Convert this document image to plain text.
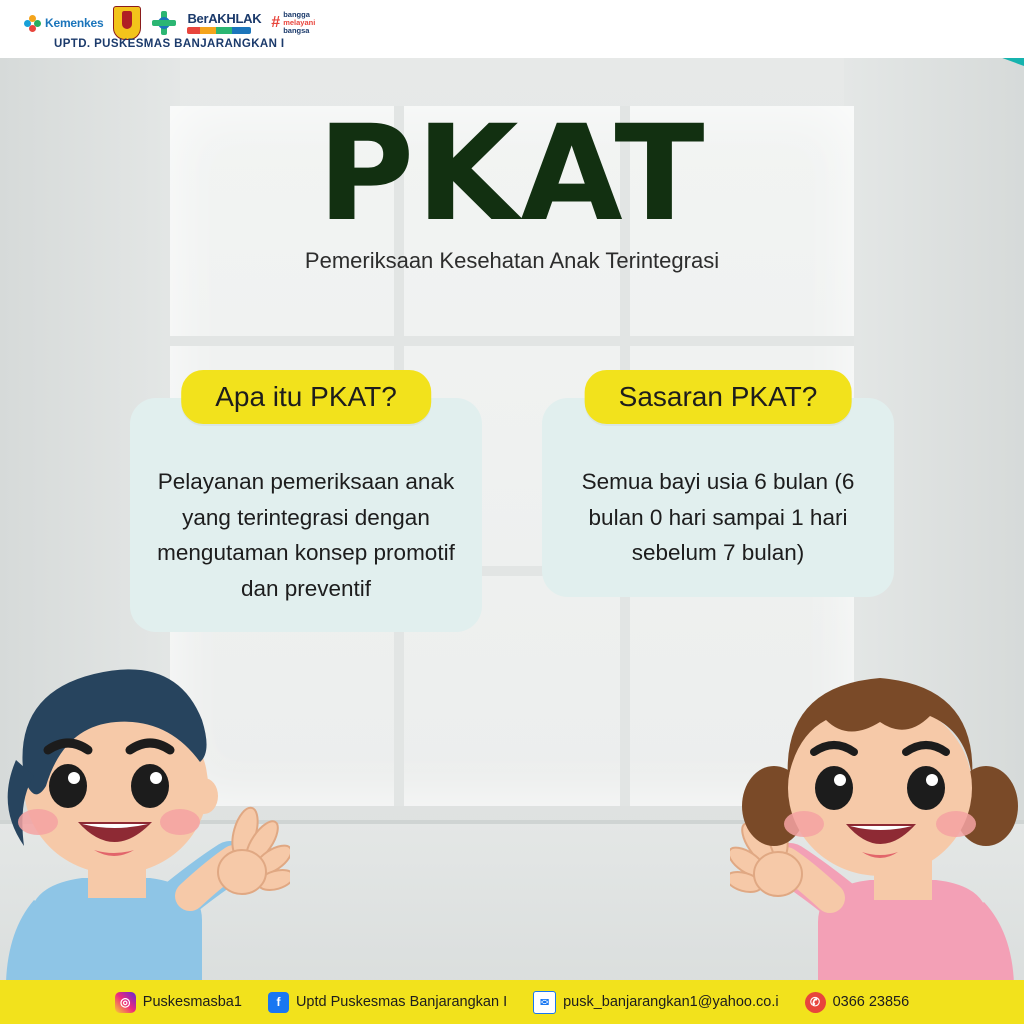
Kemenkes	BerAKHLAK # bangga
melayani
bangsa
UPTD. PUSKESMAS BANJARANGKAN I
PKAT
Pemeriksaan Kesehatan Anak Terintegrasi
Apa itu PKAT?
Pelayanan pemeriksaan anak yang terintegrasi dengan mengutaman konsep promotif dan preventif
Sasaran PKAT?
Semua bayi usia 6 bulan (6 bulan 0 hari sampai 1 hari sebelum 7 bulan)
◎ Puskesmasba1	f	Uptd Puskesmas Banjarangkan I	✉ pusk_banjarangkan1@yahoo.co.i	✆ 0366 23856
